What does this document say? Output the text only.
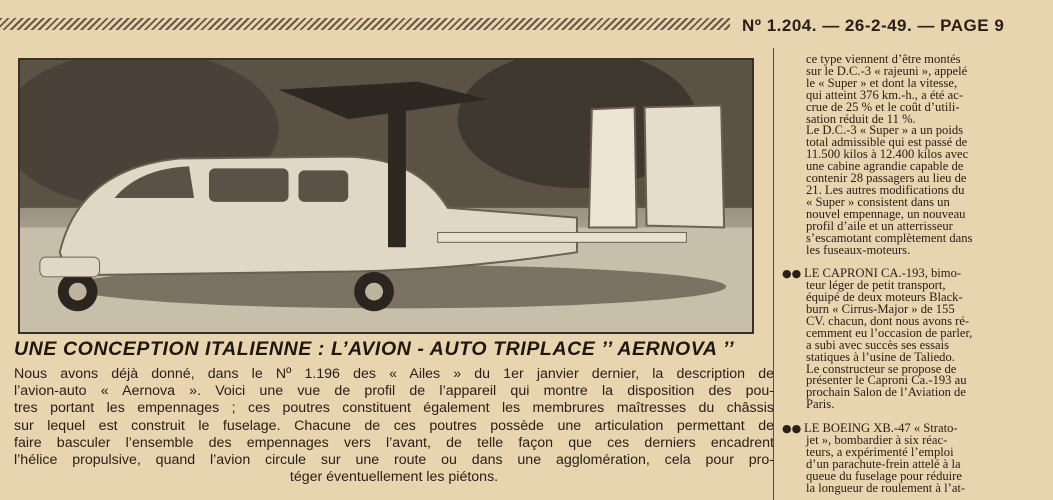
Nº 1.204. — 26-2-49. — PAGE 9
UNE CONCEPTION ITALIENNE : L’AVION - AUTO TRIPLACE ’’ AERNOVA ’’
Nous avons déjà donné, dans le Nº 1.196 des « Ailes » du 1er janvier dernier, la description de
l’avion-auto « Aernova ». Voici une vue de profil de l’appareil qui montre la disposition des pou-
tres portant les empennages ; ces poutres constituent également les membrures maîtresses du châssis
sur lequel est construit le fuselage. Chacune de ces poutres possède une articulation permettant de
faire basculer l’ensemble des empennages vers l’avant, de telle façon que ces derniers encadrent
l’hélice propulsive, quand l’avion circule sur une route ou dans une agglomération, cela pour pro-
téger éventuellement les piétons.
ce type viennent d’être montés
sur le D.C.-3 « rajeuni », appelé
le « Super » et dont la vitesse,
qui atteint 376 km.-h., a été ac-
crue de 25 % et le coût d’utili-
sation réduit de 11 %.
Le D.C.-3 « Super » a un poids
total admissible qui est passé de
11.500 kilos à 12.400 kilos avec
une cabine agrandie capable de
contenir 28 passagers au lieu de
21. Les autres modifications du
« Super » consistent dans un
nouvel empennage, un nouveau
profil d’aile et un atterrisseur
s’escamotant complètement dans
les fuseaux-moteurs.

●● LE CAPRONI CA.-193, bimo-
teur léger de petit transport,
équipé de deux moteurs Black-
burn « Cirrus-Major » de 155
CV. chacun, dont nous avons ré-
cemment eu l’occasion de parler,
a subi avec succès ses essais
statiques à l’usine de Taliedo.
Le constructeur se propose de
présenter le Caproni Ca.-193 au
prochain Salon de l’Aviation de
Paris.

●● LE BOEING XB.-47 « Strato-
jet », bombardier à six réac-
teurs, a expérimenté l’emploi
d’un parachute-frein attelé à la
queue du fuselage pour réduire
la longueur de roulement à l’at-
